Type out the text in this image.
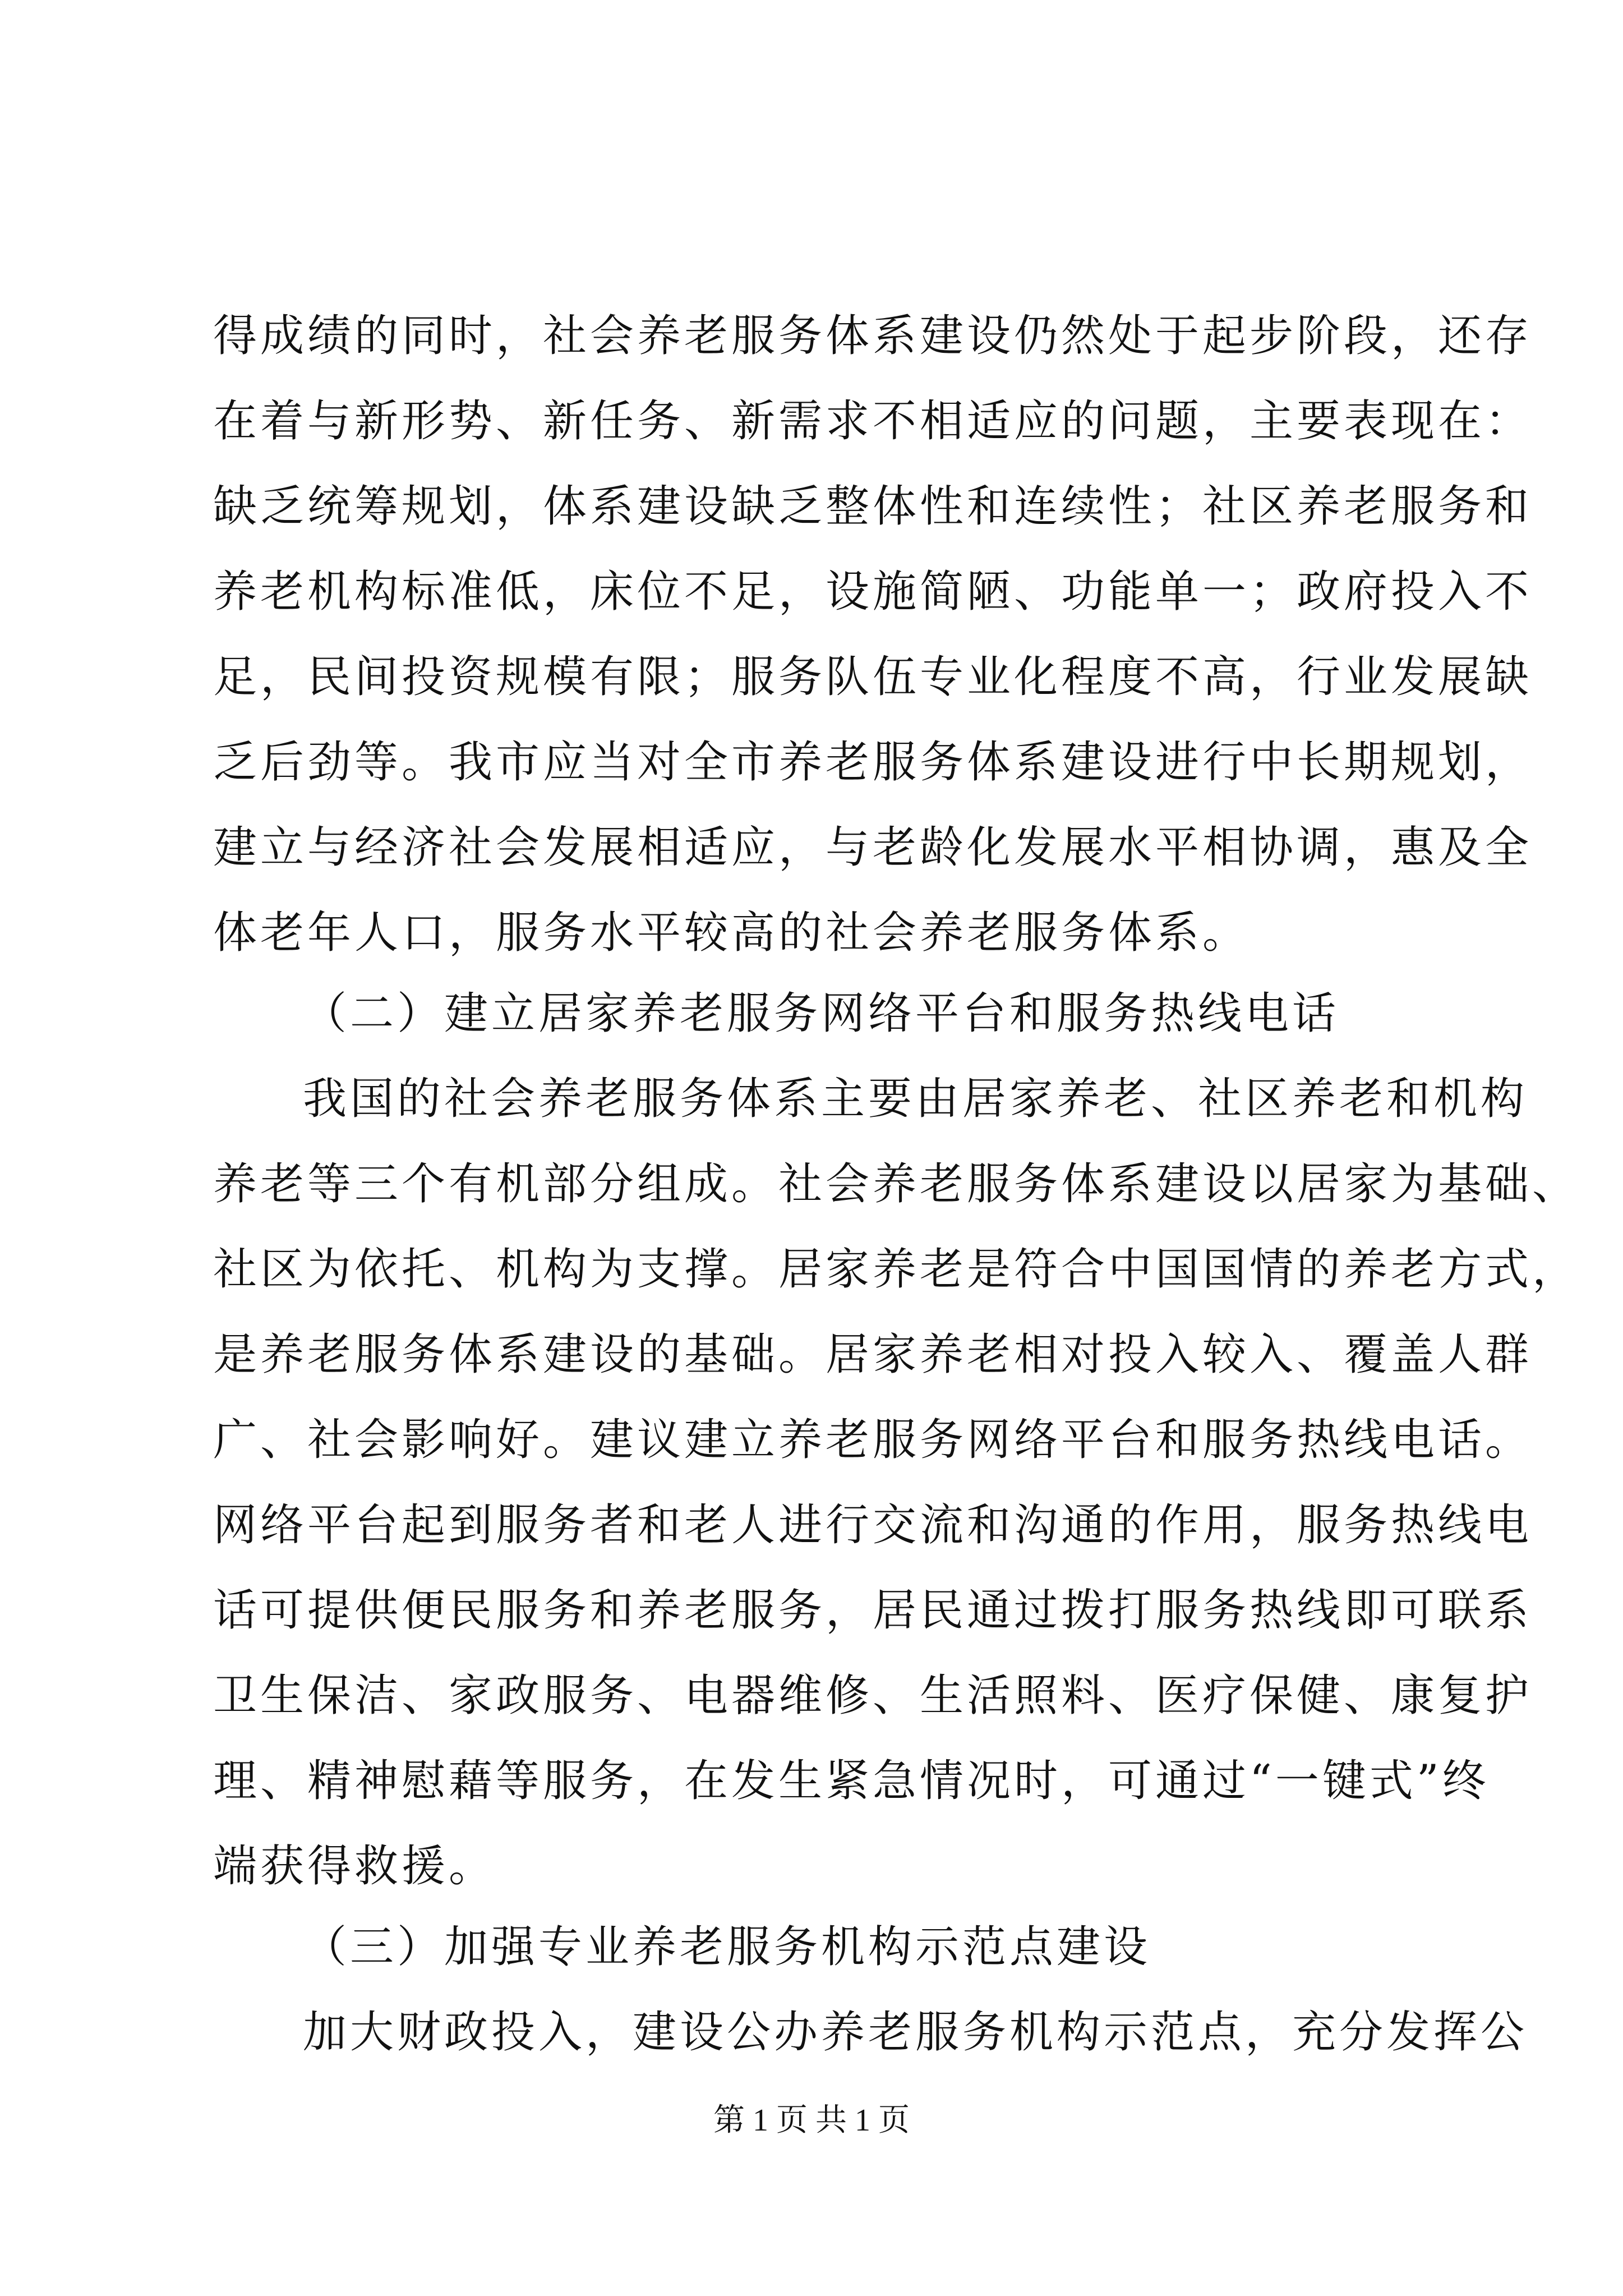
得成绩的同时，社会养老服务体系建设仍然处于起步阶段，还存
在着与新形势、新任务、新需求不相适应的问题，主要表现在：
缺乏统筹规划，体系建设缺乏整体性和连续性；社区养老服务和
养老机构标准低，床位不足，设施简陋、功能单一；政府投入不
足，民间投资规模有限；服务队伍专业化程度不高，行业发展缺
乏后劲等。我市应当对全市养老服务体系建设进行中长期规划，
建立与经济社会发展相适应，与老龄化发展水平相协调，惠及全
体老年人口，服务水平较高的社会养老服务体系。
（二）建立居家养老服务网络平台和服务热线电话
我国的社会养老服务体系主要由居家养老、社区养老和机构
养老等三个有机部分组成。社会养老服务体系建设以居家为基础、
社区为依托、机构为支撑。居家养老是符合中国国情的养老方式，
是养老服务体系建设的基础。居家养老相对投入较入、覆盖人群
广、社会影响好。建议建立养老服务网络平台和服务热线电话。
网络平台起到服务者和老人进行交流和沟通的作用，服务热线电
话可提供便民服务和养老服务，居民通过拨打服务热线即可联系
卫生保洁、家政服务、电器维修、生活照料、医疗保健、康复护
理、精神慰藉等服务，在发生紧急情况时，可通过“一键式”终
端获得救援。
（三）加强专业养老服务机构示范点建设
加大财政投入，建设公办养老服务机构示范点，充分发挥公
第 1 页 共 1 页
